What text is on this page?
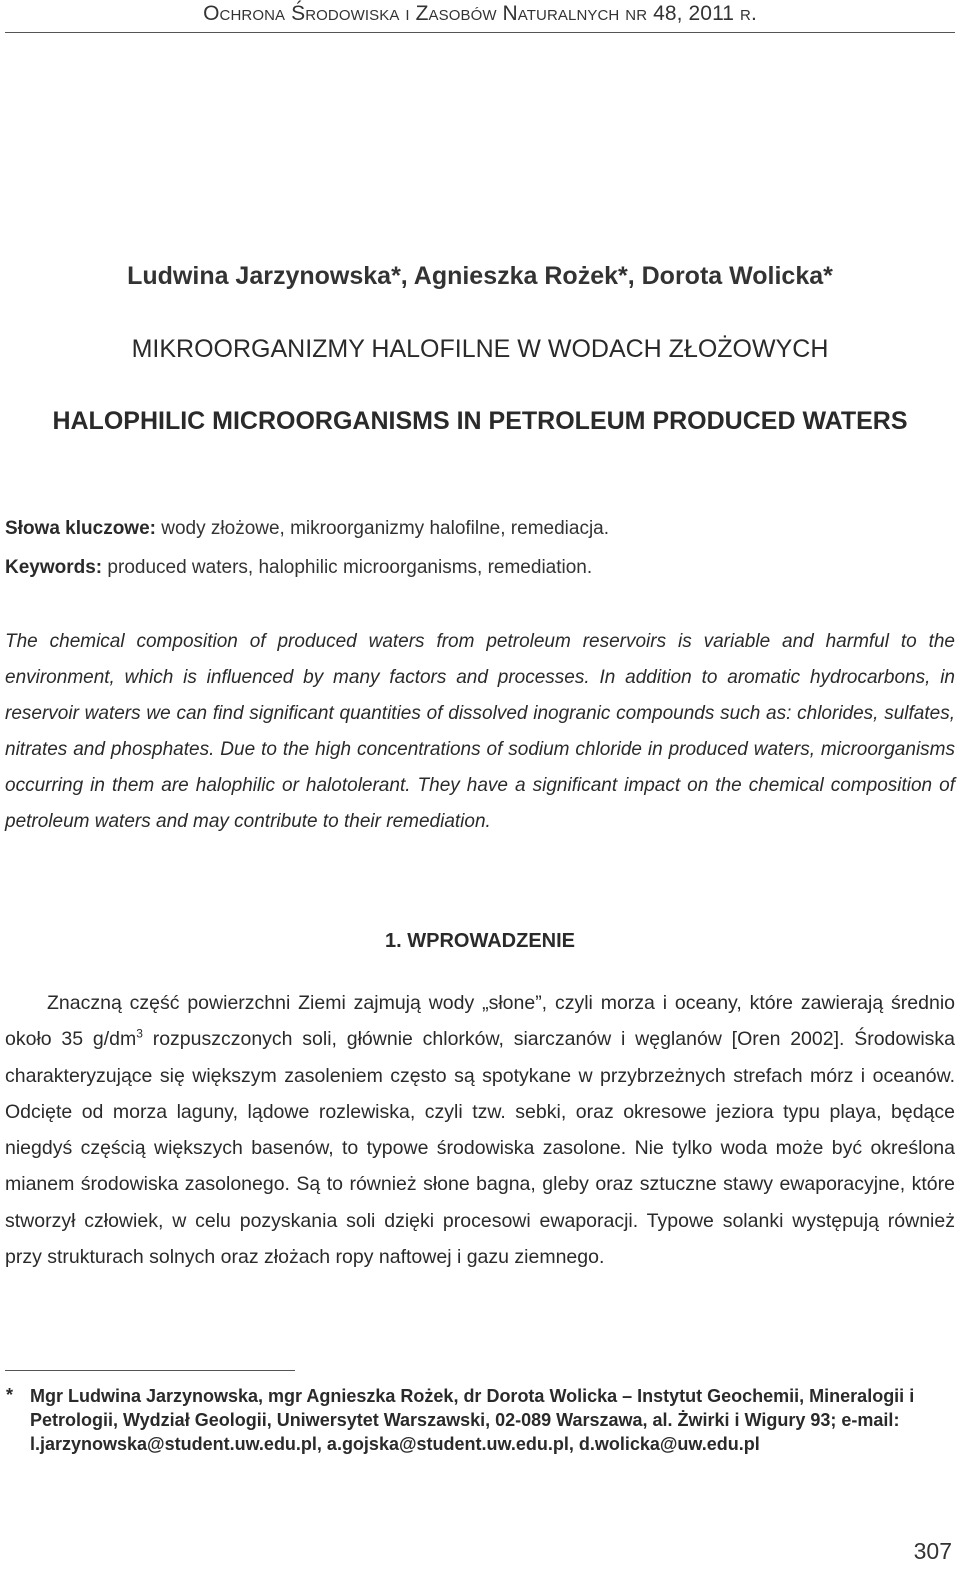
Ochrona Środowiska i Zasobów Naturalnych nr 48, 2011 r.
Ludwina Jarzynowska*, Agnieszka Rożek*, Dorota Wolicka*
MIKROORGANIZMY HALOFILNE W WODACH ZŁOŻOWYCH
HALOPHILIC MICROORGANISMS IN PETROLEUM PRODUCED WATERS
Słowa kluczowe: wody złożowe, mikroorganizmy halofilne, remediacja.
Keywords: produced waters, halophilic microorganisms, remediation.
The chemical composition of produced waters from petroleum reservoirs is variable and harmful to the environment, which is influenced by many factors and processes. In addition to aromatic hydrocarbons, in reservoir waters we can find significant quantities of dissolved inogranic compounds such as: chlorides, sulfates, nitrates and phosphates. Due to the high concentrations of sodium chloride in produced waters, microorganisms occurring in them are halophilic or halotolerant. They have a significant impact on the chemical composition of petroleum waters and may contribute to their remediation.
1. WPROWADZENIE
Znaczną część powierzchni Ziemi zajmują wody „słone”, czyli morza i oceany, które zawierają średnio około 35 $g/dm^3$ rozpuszczonych soli, głównie chlorków, siarczanów i węglanów [Oren 2002]. Środowiska charakteryzujące się większym zasoleniem często są spotykane w przybrzeżnych strefach mórz i oceanów. Odcięte od morza laguny, lądowe rozlewiska, czyli tzw. sebki, oraz okresowe jeziora typu playa, będące niegdyś częścią większych basenów, to typowe środowiska zasolone. Nie tylko woda może być określona mianem środowiska zasolonego. Są to również słone bagna, gleby oraz sztuczne stawy ewaporacyjne, które stworzył człowiek, w celu pozyskania soli dzięki procesowi ewaporacji. Typowe solanki występują również przy strukturach solnych oraz złożach ropy naftowej i gazu ziemnego.
* Mgr Ludwina Jarzynowska, mgr Agnieszka Rożek, dr Dorota Wolicka – Instytut Geochemii, Mineralogii i Petrologii, Wydział Geologii, Uniwersytet Warszawski, 02-089 Warszawa, al. Żwirki i Wigury 93; e-mail: l.jarzynowska@student.uw.edu.pl, a.gojska@student.uw.edu.pl, d.wolicka@uw.edu.pl
307
